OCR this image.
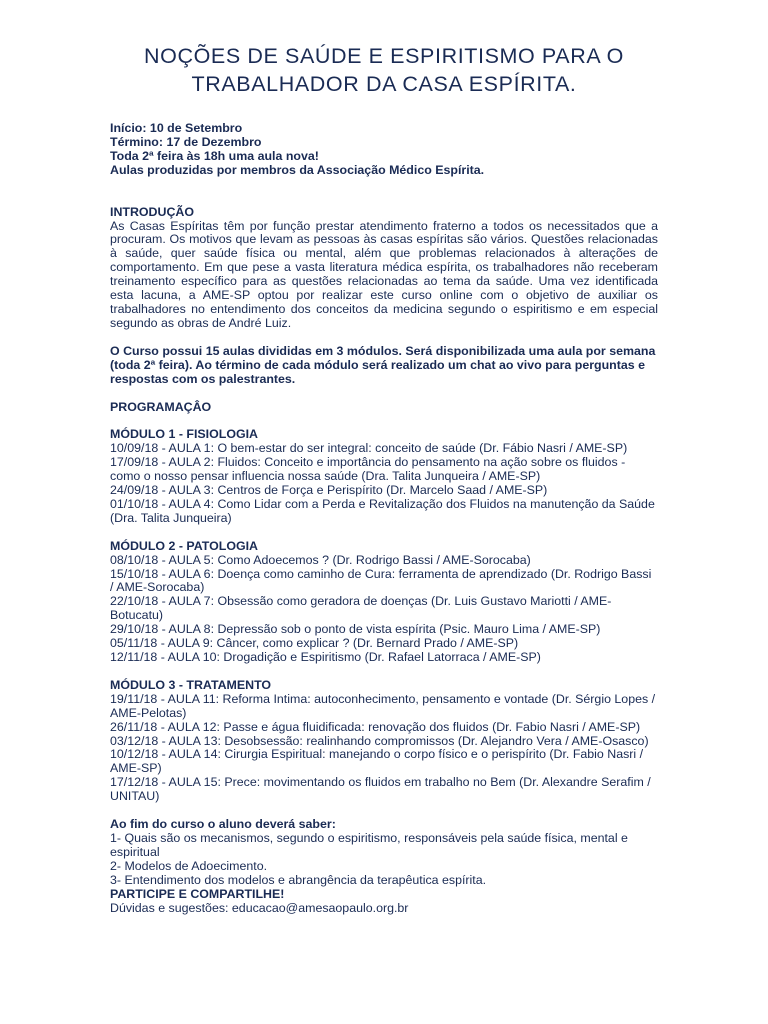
NOÇÕES DE SAÚDE E ESPIRITISMO PARA O
TRABALHADOR DA CASA ESPÍRITA.

Início: 10 de Setembro

Término: 17 de Dezembro

Toda 2ª feira às 18h uma aula nova!

Aulas produzidas por membros da Associação Médico Espírita.

INTRODUÇÃO

As Casas Espíritas têm por função prestar atendimento fraterno a todos os necessitados que a procuram. Os motivos que levam as pessoas às casas espíritas são vários. Questões relacionadas à saúde, quer saúde física ou mental, além que problemas relacionados à alterações de comportamento. Em que pese a vasta literatura médica espírita, os trabalhadores não receberam treinamento específico para as questões relacionadas ao tema da saúde. Uma vez identificada esta lacuna, a AME-SP optou por realizar este curso online com o objetivo de auxiliar os trabalhadores no entendimento dos conceitos da medicina segundo o espiritismo e em especial segundo as obras de André Luiz.

O Curso possui 15 aulas divididas em 3 módulos. Será disponibilizada uma aula por semana (toda 2ª feira). Ao término de cada módulo será realizado um chat ao vivo para perguntas e respostas com os palestrantes.

PROGRAMAÇÂO

MÓDULO 1 - FISIOLOGIA

10/09/18 - AULA 1: O bem-estar do ser integral: conceito de saúde (Dr. Fábio Nasri / AME-SP)

17/09/18 - AULA 2: Fluidos: Conceito e importância do pensamento na ação sobre os fluidos - como o nosso pensar influencia nossa saúde (Dra. Talita Junqueira / AME-SP)

24/09/18 - AULA 3: Centros de Força e Perispírito (Dr. Marcelo Saad / AME-SP)

01/10/18 - AULA 4: Como Lidar com a Perda e Revitalização dos Fluidos na manutenção da Saúde (Dra. Talita Junqueira)

MÓDULO 2 - PATOLOGIA

08/10/18 - AULA 5: Como Adoecemos ? (Dr. Rodrigo Bassi / AME-Sorocaba)

15/10/18 - AULA 6: Doença como caminho de Cura: ferramenta de aprendizado (Dr. Rodrigo Bassi / AME-Sorocaba)

22/10/18 - AULA 7: Obsessão como geradora de doenças (Dr. Luis Gustavo Mariotti / AME-Botucatu)

29/10/18 - AULA 8: Depressão sob o ponto de vista espírita (Psic. Mauro Lima / AME-SP)

05/11/18 - AULA 9: Câncer, como explicar ? (Dr. Bernard Prado / AME-SP)

12/11/18 - AULA 10: Drogadição e Espiritismo (Dr. Rafael Latorraca / AME-SP)

MÓDULO 3 - TRATAMENTO

19/11/18 - AULA 11: Reforma Intima: autoconhecimento, pensamento e vontade (Dr. Sérgio Lopes / AME-Pelotas)

26/11/18 - AULA 12: Passe e água fluidificada: renovação dos fluidos (Dr. Fabio Nasri / AME-SP)

03/12/18 - AULA 13: Desobsessão: realinhando compromissos (Dr. Alejandro Vera / AME-Osasco)

10/12/18 - AULA 14: Cirurgia Espiritual: manejando o corpo físico e o perispírito (Dr. Fabio Nasri / AME-SP)

17/12/18 - AULA 15: Prece: movimentando os fluidos em trabalho no Bem (Dr. Alexandre Serafim / UNITAU)

Ao fim do curso o aluno deverá saber:

1- Quais são os mecanismos, segundo o espiritismo, responsáveis pela saúde física, mental e espiritual

2- Modelos de Adoecimento.

3- Entendimento dos modelos e abrangência da terapêutica espírita.

PARTICIPE E COMPARTILHE!

Dúvidas e sugestões: educacao@amesaopaulo.org.br
